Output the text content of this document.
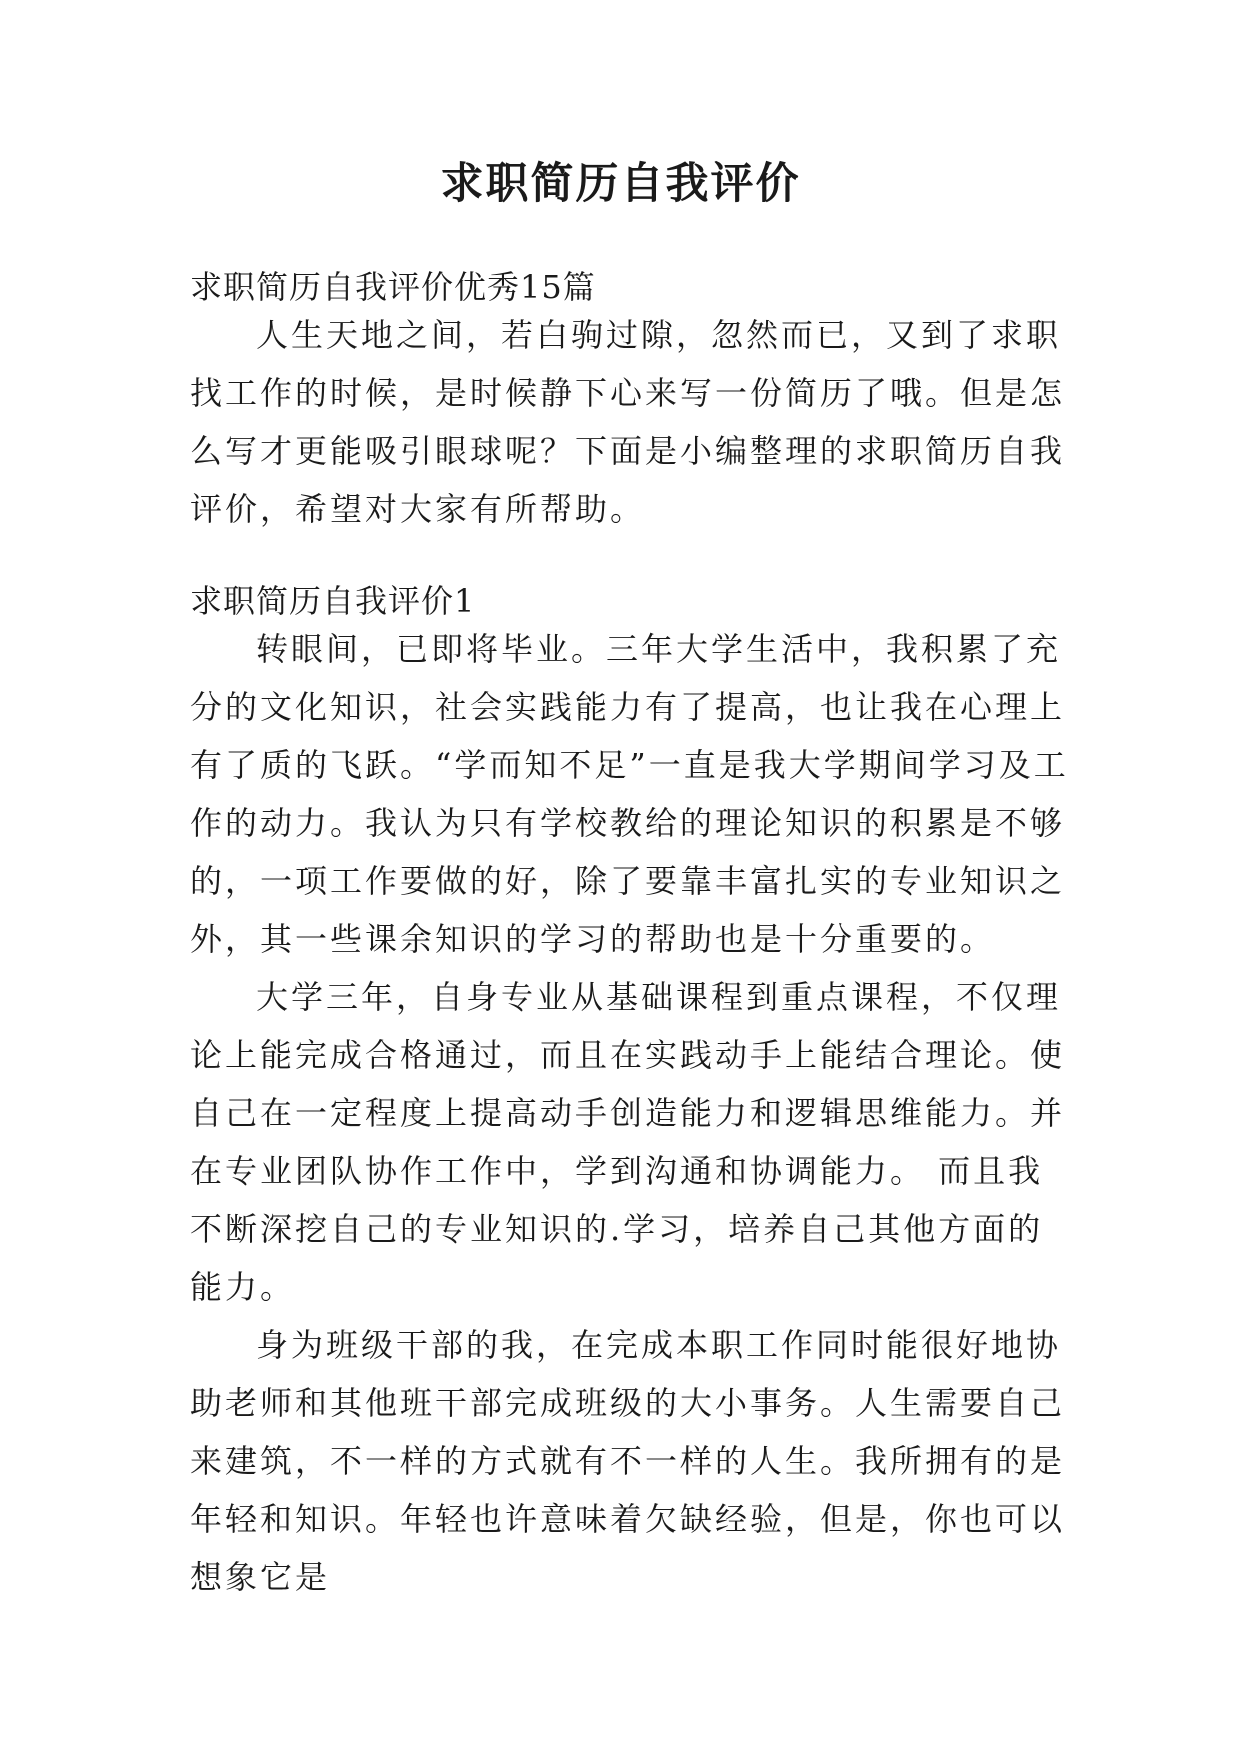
求职简历自我评价
求职简历自我评价优秀15篇

人生天地之间，若白驹过隙，忽然而已，又到了求职找工作的时候，是时候静下心来写一份简历了哦。但是怎么写才更能吸引眼球呢？下面是小编整理的求职简历自我评价，希望对大家有所帮助。

求职简历自我评价1

转眼间，已即将毕业。三年大学生活中，我积累了充分的文化知识，社会实践能力有了提高，也让我在心理上有了质的飞跃。“学而知不足”一直是我大学期间学习及工作的动力。我认为只有学校教给的理论知识的积累是不够的，一项工作要做的好，除了要靠丰富扎实的专业知识之外，其一些课余知识的学习的帮助也是十分重要的。

大学三年，自身专业从基础课程到重点课程，不仅理论上能完成合格通过，而且在实践动手上能结合理论。使自己在一定程度上提高动手创造能力和逻辑思维能力。并在专业团队协作工作中，学到沟通和协调能力。 而且我不断深挖自己的专业知识的.学习，培养自己其他方面的能力。

身为班级干部的我，在完成本职工作同时能很好地协助老师和其他班干部完成班级的大小事务。人生需要自己来建筑，不一样的方式就有不一样的人生。我所拥有的是年轻和知识。年轻也许意味着欠缺经验，但是，你也可以想象它是
